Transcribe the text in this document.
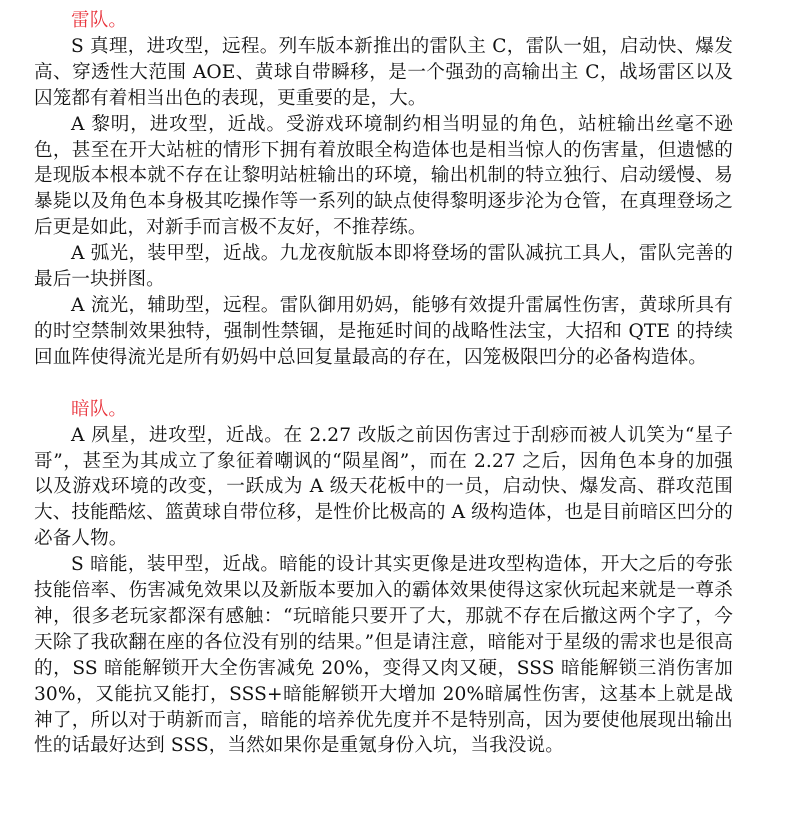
雷队。

S 真理，进攻型，远程。列车版本新推出的雷队主 C，雷队一姐，启动快、爆发高、穿透性大范围 AOE、黄球自带瞬移，是一个强劲的高输出主 C，战场雷区以及囚笼都有着相当出色的表现，更重要的是，大。

A 黎明，进攻型，近战。受游戏环境制约相当明显的角色，站桩输出丝毫不逊色，甚至在开大站桩的情形下拥有着放眼全构造体也是相当惊人的伤害量，但遗憾的是现版本根本就不存在让黎明站桩输出的环境，输出机制的特立独行、启动缓慢、易暴毙以及角色本身极其吃操作等一系列的缺点使得黎明逐步沦为仓管，在真理登场之后更是如此，对新手而言极不友好，不推荐练。

A 弧光，装甲型，近战。九龙夜航版本即将登场的雷队减抗工具人，雷队完善的最后一块拼图。

A 流光，辅助型，远程。雷队御用奶妈，能够有效提升雷属性伤害，黄球所具有的时空禁制效果独特，强制性禁锢，是拖延时间的战略性法宝，大招和 QTE 的持续回血阵使得流光是所有奶妈中总回复量最高的存在，囚笼极限凹分的必备构造体。

暗队。

A 夙星，进攻型，近战。在 2.27 改版之前因伤害过于刮痧而被人讥笑为“星子哥”，甚至为其成立了象征着嘲讽的“陨星阁”，而在 2.27 之后，因角色本身的加强以及游戏环境的改变，一跃成为 A 级天花板中的一员，启动快、爆发高、群攻范围大、技能酷炫、篮黄球自带位移，是性价比极高的 A 级构造体，也是目前暗区凹分的必备人物。

S 暗能，装甲型，近战。暗能的设计其实更像是进攻型构造体，开大之后的夸张技能倍率、伤害减免效果以及新版本要加入的霸体效果使得这家伙玩起来就是一尊杀神，很多老玩家都深有感触：“玩暗能只要开了大，那就不存在后撤这两个字了，今天除了我砍翻在座的各位没有别的结果。”但是请注意，暗能对于星级的需求也是很高的，SS 暗能解锁开大全伤害减免 20%，变得又肉又硬，SSS 暗能解锁三消伤害加 30%，又能抗又能打，SSS+暗能解锁开大增加 20%暗属性伤害，这基本上就是战神了，所以对于萌新而言，暗能的培养优先度并不是特别高，因为要使他展现出输出性的话最好达到 SSS，当然如果你是重氪身份入坑，当我没说。
